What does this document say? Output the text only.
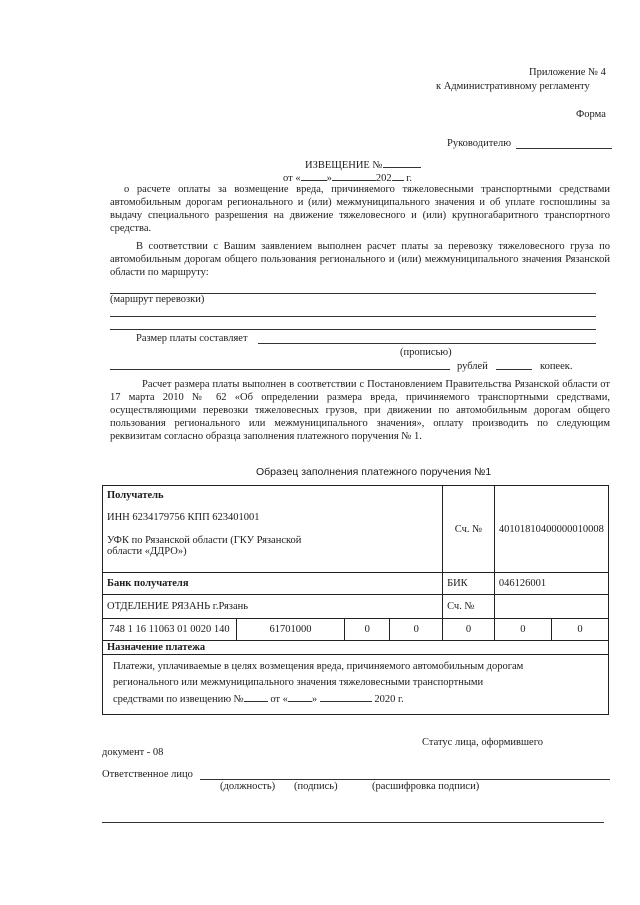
Приложение № 4
к Административному регламенту
Форма
Руководителю
ИЗВЕЩЕНИЕ №
от « »	202 г.
о расчете оплаты за возмещение вреда, причиняемого тяжеловесными транспортными средствами автомобильным дорогам регионального и (или) межмуниципального значения и об уплате госпошлины за выдачу специального разрешения на движение тяжеловесного и (или) крупногабаритного транспортного средства.
В соответствии с Вашим заявлением выполнен расчет платы за перевозку тяжеловесного груза по автомобильным дорогам общего пользования регионального и (или) межмуниципального значения Рязанской области по маршруту:
(маршрут перевозки)
Размер платы составляет
(прописью)
рублей	копеек.
Расчет размера платы выполнен в соответствии с Постановлением Правительства Рязанской области от 17 марта 2010 № 62 «Об определении размера вреда, причиняемого транспортными средствами, осуществляющими перевозки тяжеловесных грузов, при движении по автомобильным дорогам общего пользования регионального или межмуниципального значения», оплату производить по следующим реквизитам согласно образца заполнения платежного поручения № 1.
Образец заполнения платежного поручения №1
Получатель
ИНН 6234179756 КПП 623401001
УФК по Рязанской области (ГКУ Рязанской
области «ДДРО»)				Сч. №	40101810400000010008	
Банк получателя				БИК	046126001	
ОТДЕЛЕНИЕ РЯЗАНЬ г.Рязань				Сч. №		
748 1 16 11063 01 0020 140	61701000	0	0	0	0	0
Назначение платежа						

Платежи, уплачиваемые в целях возмещения вреда, причиняемого автомобильным дорогам
регионального или межмуниципального значения тяжеловесными транспортными
средствами по извещению № от « » 2020 г.						
Статус лица, оформившего
документ - 08
Ответственное лицо
(должность) (подпись)	(расшифровка подписи)
